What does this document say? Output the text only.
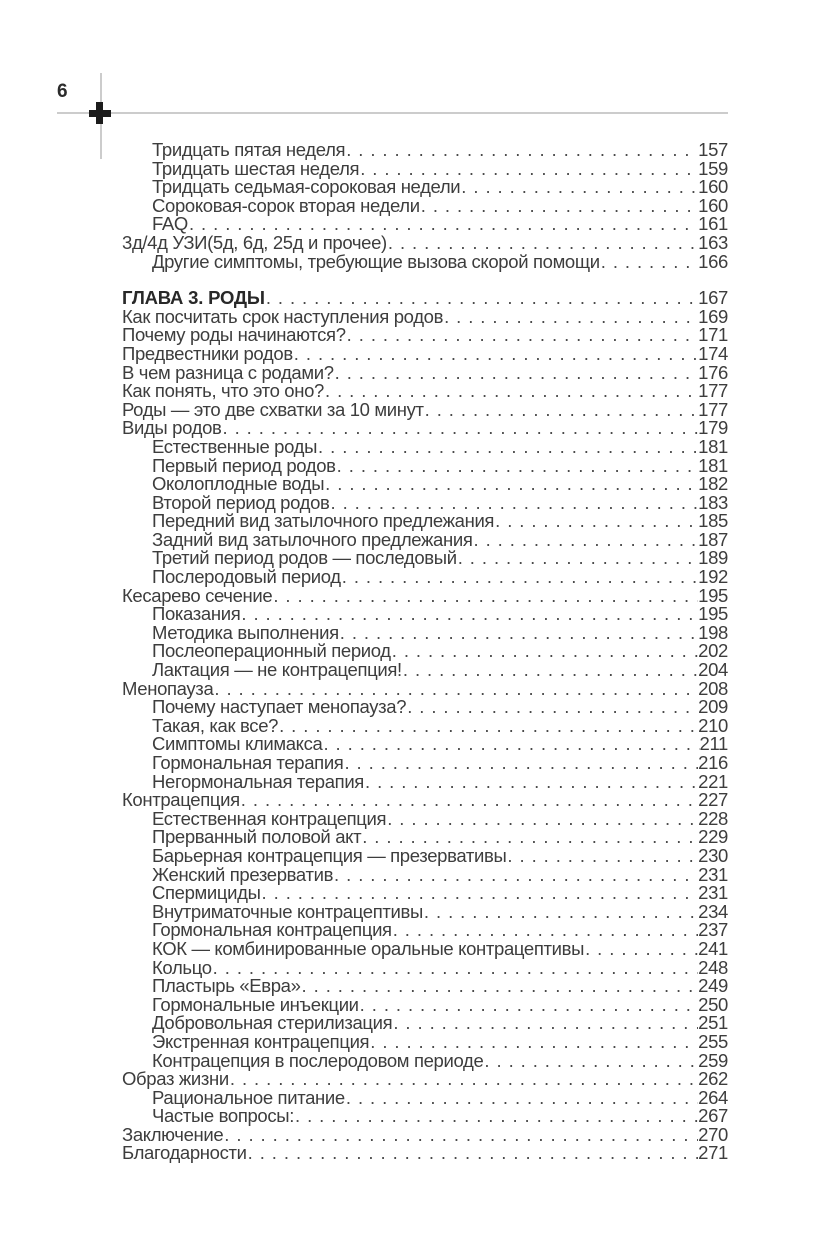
6
Тридцать пятая неделя . . .	157
Тридцать шестая неделя . . .	159
Тридцать седьмая-сороковая недели . . .	160
Сороковая-сорок вторая недели . . .	160
FAQ . . .	161
3д/4д УЗИ(5д, 6д, 25д и прочее) . . .	163
Другие симптомы, требующие вызова скорой помощи . . .	166
ГЛАВА 3. РОДЫ . . .	167
Как посчитать срок наступления родов . . .	169
Почему роды начинаются? . . .	171
Предвестники родов . . .	174
В чем разница с родами? . . .	176
Как понять, что это оно? . . .	177
Роды — это две схватки за 10 минут . . .	177
Виды родов . . .	179
Естественные роды . . .	181
Первый период родов . . .	181
Околоплодные воды . . .	182
Второй период родов . . .	183
Передний вид затылочного предлежания . . .	185
Задний вид затылочного предлежания . . .	187
Третий период родов — последовый . . .	189
Послеродовый период . . .	192
Кесарево сечение . . .	195
Показания . . .	195
Методика выполнения . . .	198
Послеоперационный период . . .	202
Лактация — не контрацепция! . . .	204
Менопауза . . .	208
Почему наступает менопауза? . . .	209
Такая, как все? . . .	210
Симптомы климакса . . .	211
Гормональная терапия . . .	216
Негормональная терапия . . .	221
Контрацепция . . .	227
Естественная контрацепция . . .	228
Прерванный половой акт . . .	229
Барьерная контрацепция — презервативы . . .	230
Женский презерватив . . .	231
Спермициды . . .	231
Внутриматочные контрацептивы . . .	234
Гормональная контрацепция . . .	237
КОК — комбинированные оральные контрацептивы . . .	241
Кольцо . . .	248
Пластырь «Евра» . . .	249
Гормональные инъекции . . .	250
Добровольная стерилизация . . .	251
Экстренная контрацепция . . .	255
Контрацепция в послеродовом периоде . . .	259
Образ жизни . . .	262
Рациональное питание . . .	264
Частые вопросы: . . .	267
Заключение . . .	270
Благодарности . . .	271
